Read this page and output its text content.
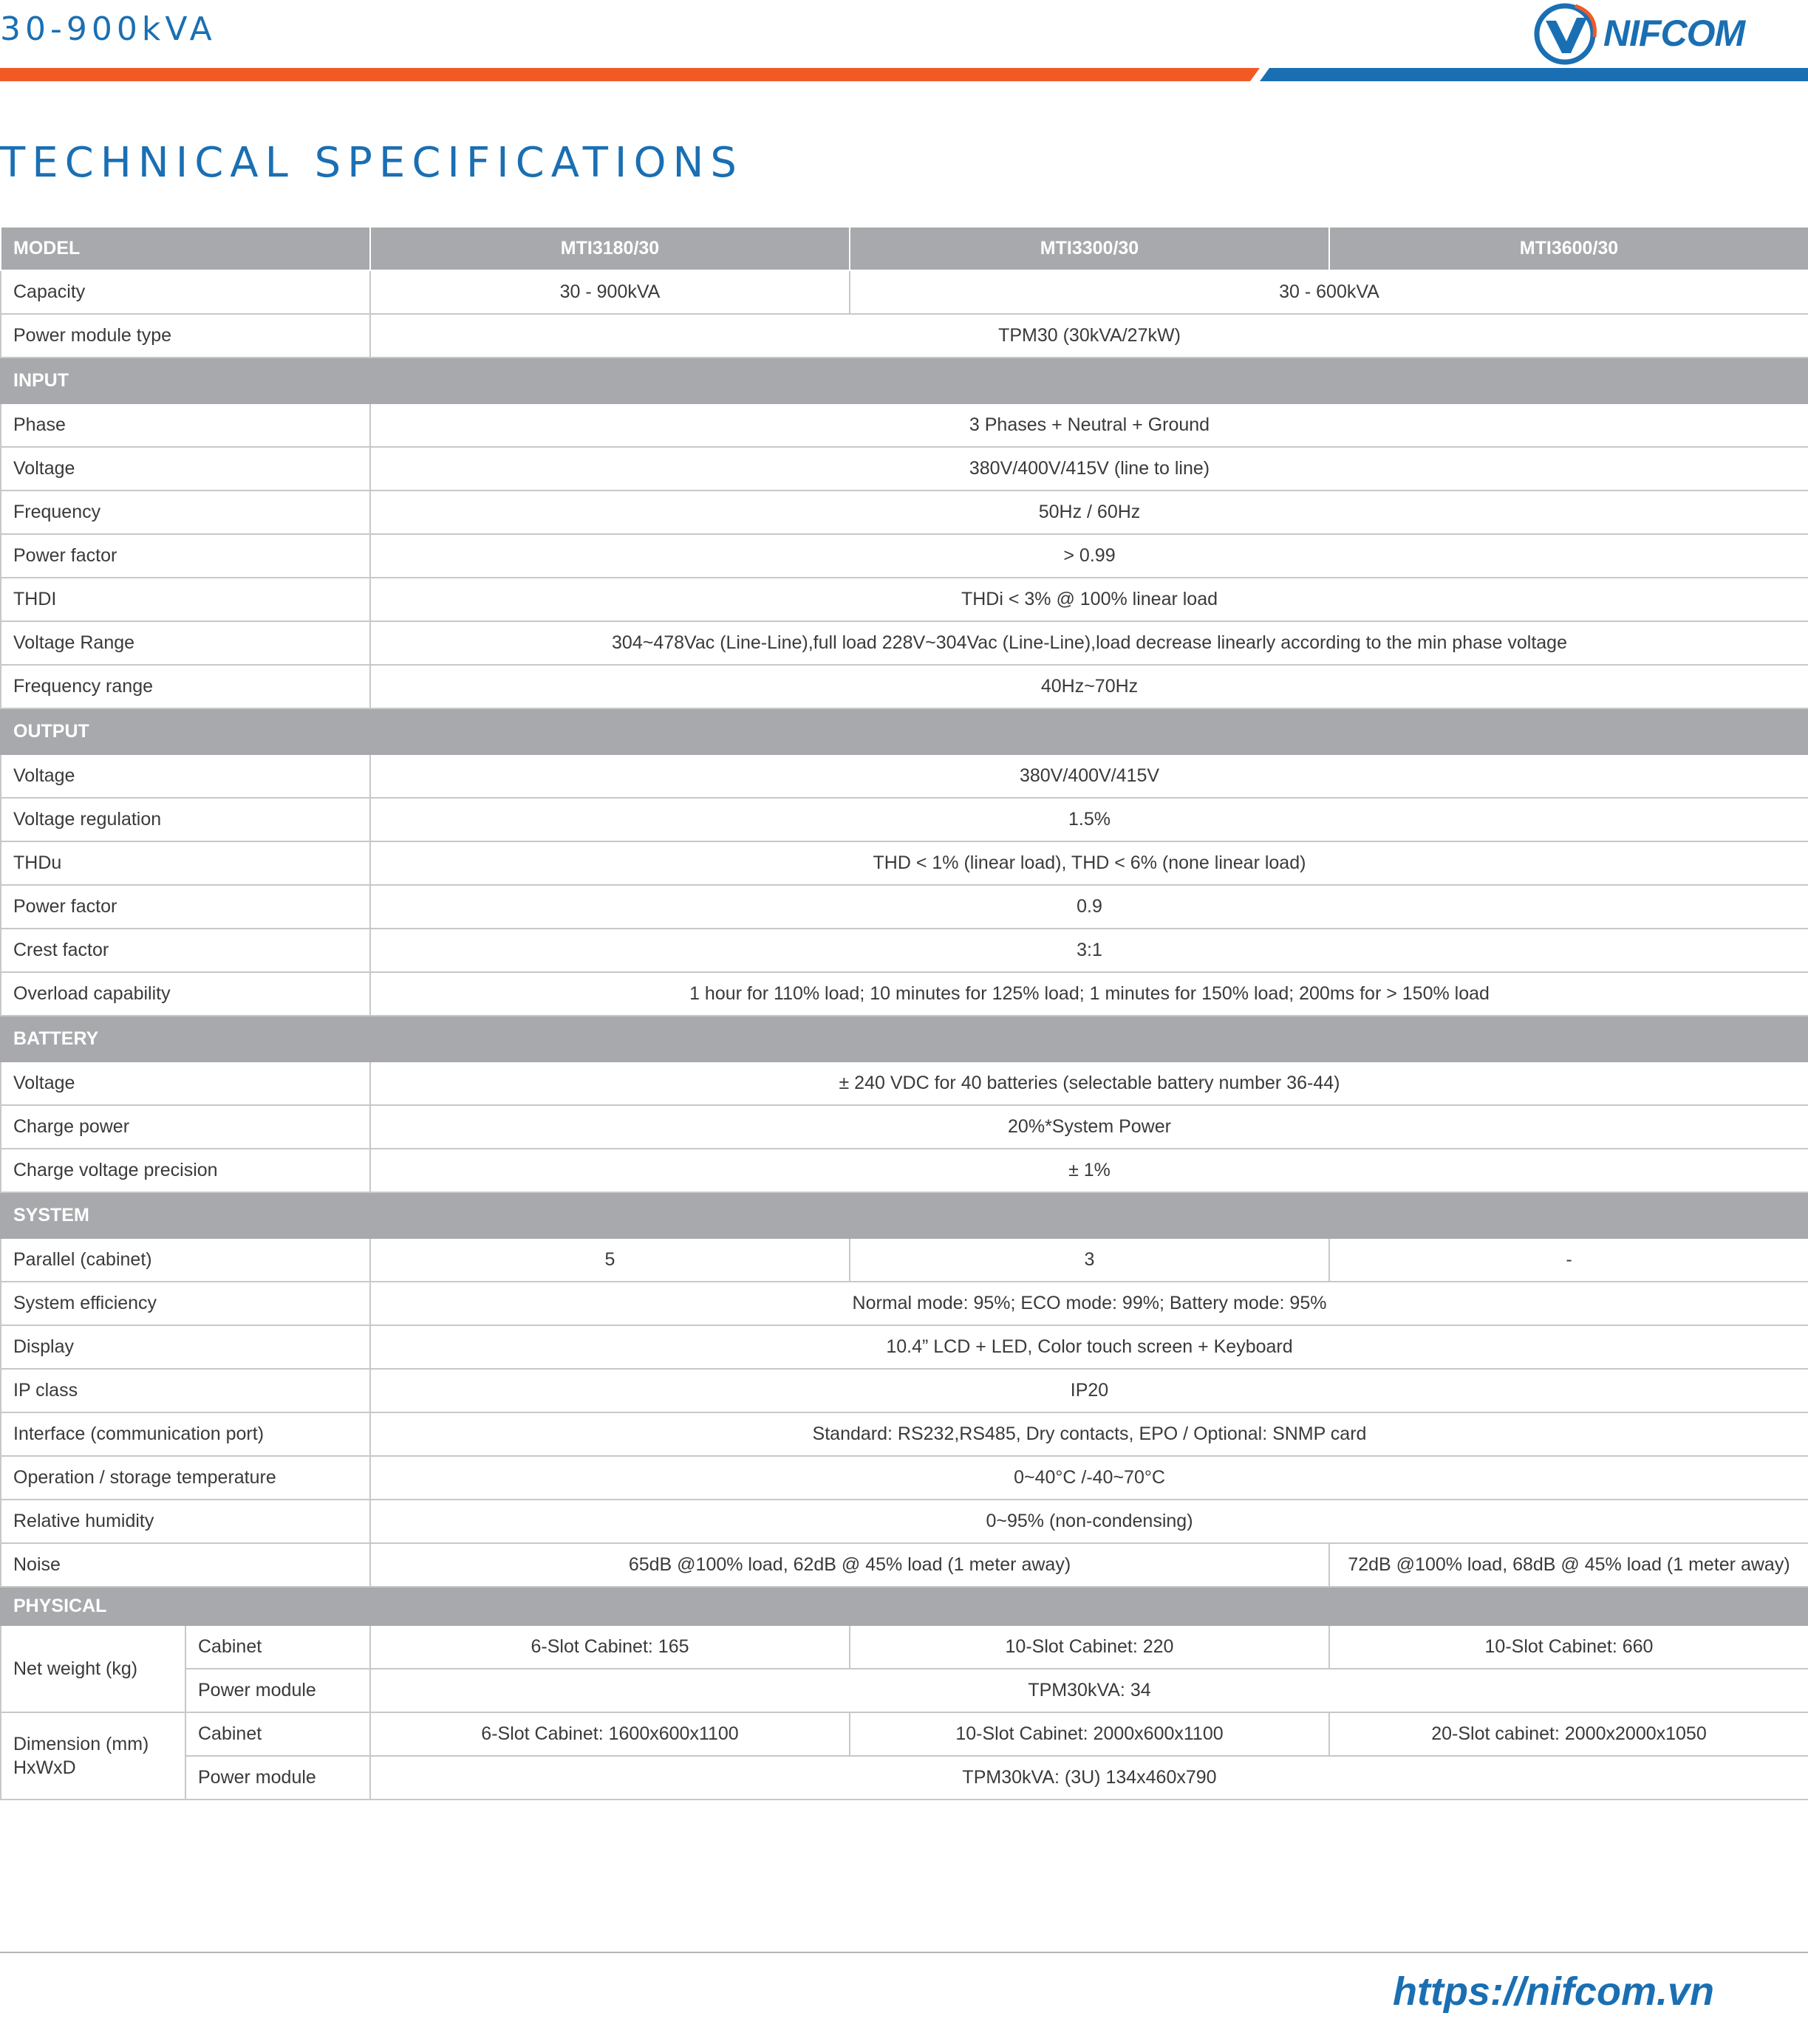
30-900kVA	NIFCOM
TECHNICAL SPECIFICATIONS
MODEL		MTI3180/30	MTI3300/30	MTI3600/30
Capacity		30 - 900kVA	30 - 600kVA	
Power module type		TPM30 (30kVA/27kW)		
INPUT				
Phase		3 Phases + Neutral + Ground		
Voltage		380V/400V/415V (line to line)		
Frequency		50Hz / 60Hz		
Power factor		> 0.99		
THDI		THDi < 3% @ 100% linear load		
Voltage Range		304~478Vac (Line-Line),full load 228V~304Vac (Line-Line),load decrease linearly according to the min phase voltage		
Frequency range		40Hz~70Hz		
OUTPUT				
Voltage		380V/400V/415V		
Voltage regulation		1.5%		
THDu		THD < 1% (linear load), THD < 6% (none linear load)		
Power factor		0.9		
Crest factor		3:1		
Overload capability		1 hour for 110% load; 10 minutes for 125% load; 1 minutes for 150% load; 200ms for > 150% load		
BATTERY				
Voltage		± 240 VDC for 40 batteries (selectable battery number 36-44)		
Charge power		20%*System Power		
Charge voltage precision		± 1%		
SYSTEM				
Parallel (cabinet)		5	3	-
System efficiency		Normal mode: 95%; ECO mode: 99%; Battery mode: 95%		
Display		10.4” LCD + LED, Color touch screen + Keyboard		
IP class		IP20		
Interface (communication port)		Standard: RS232,RS485, Dry contacts, EPO / Optional: SNMP card		
Operation / storage temperature		0~40°C /-40~70°C		
Relative humidity		0~95% (non-condensing)		
Noise		65dB @100% load, 62dB @ 45% load (1 meter away)		72dB @100% load, 68dB @ 45% load (1 meter away)
PHYSICAL				
Net weight (kg)	Cabinet	6-Slot Cabinet: 165	10-Slot Cabinet: 220	10-Slot Cabinet: 660
	Power module	TPM30kVA: 34		
Dimension (mm) HxWxD	Cabinet	6-Slot Cabinet: 1600x600x1100	10-Slot Cabinet: 2000x600x1100	20-Slot cabinet: 2000x2000x1050
	Power module	TPM30kVA: (3U) 134x460x790		
https://nifcom.vn
